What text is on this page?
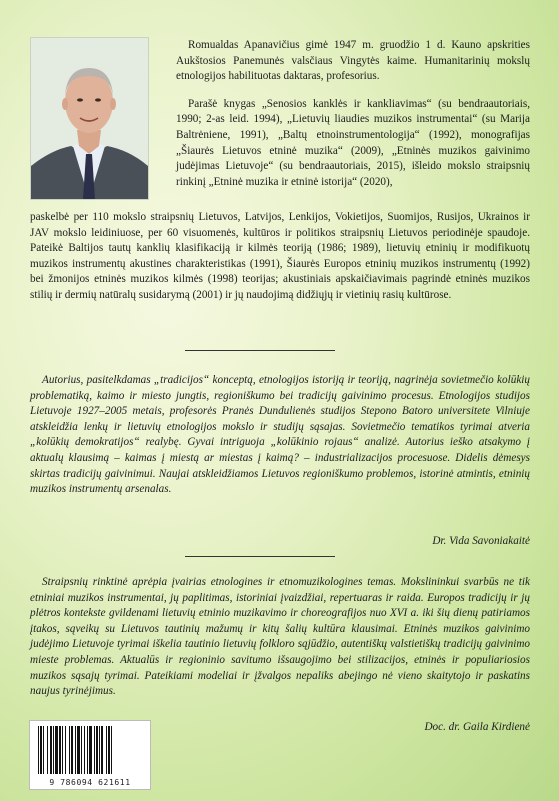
Romualdas Apanavičius gimė 1947 m. gruodžio 1 d. Kauno apskrities Aukštosios Panemunės valsčiaus Vingytės kaime. Humanitarinių mokslų etnologijos habilituotas daktaras, profesorius.

Parašė knygas „Senosios kanklės ir kankliavimas“ (su bendraautoriais, 1990; 2-as leid. 1994), „Lietuvių liaudies muzikos instrumentai“ (su Marija Baltrėniene, 1991), „Baltų etnoinstrumentologija“ (1992), monografijas „Šiaurės Lietuvos etninė muzika“ (2009), „Etninės muzikos gaivinimo judėjimas Lietuvoje“ (su bendraautoriais, 2015), išleido mokslo straipsnių rinkinį „Etninė muzika ir etninė istorija“ (2020),

paskelbė per 110 mokslo straipsnių Lietuvos, Latvijos, Lenkijos, Vokietijos, Suomijos, Rusijos, Ukrainos ir JAV mokslo leidiniuose, per 60 visuomenės, kultūros ir politikos straipsnių Lietuvos periodinėje spaudoje. Pateikė Baltijos tautų kanklių klasifikaciją ir kilmės teoriją (1986; 1989), lietuvių etninių ir modifikuotų muzikos instrumentų akustines charakteristikas (1991), Šiaurės Europos etninių muzikos instrumentų (1992) bei žmonijos etninės muzikos kilmės (1998) teorijas; akustiniais apskaičiavimais pagrindė etninės muzikos stilių ir dermių natūralų susidarymą (2001) ir jų naudojimą didžiųjų ir vietinių rasių kultūrose.

Autorius, pasitelkdamas „tradicijos“ konceptą, etnologijos istoriją ir teoriją, nagrinėja sovietmečio kolūkių problematiką, kaimo ir miesto jungtis, regioniškumo bei tradicijų gaivinimo procesus. Etnologijos studijos Lietuvoje 1927–2005 metais, profesorės Pranės Dundulienės studijos Stepono Batoro universitete Vilniuje atskleidžia lenkų ir lietuvių etnologijos mokslo ir studijų sąsajas. Sovietmečio tematikos tyrimai atveria „kolūkių demokratijos“ realybę. Gyvai intriguoja „kolūkinio rojaus“ analizė. Autorius ieško atsakymo į aktualų klausimą – kaimas į miestą ar miestas į kaimą? – industrializacijos procesuose. Didelis dėmesys skirtas tradicijų gaivinimui. Naujai atskleidžiamos Lietuvos regioniškumo problemos, istorinė atmintis, etninių muzikos instrumentų arsenalas.

Dr. Vida Savoniakaitė

Straipsnių rinktinė aprėpia įvairias etnologines ir etnomuzikologines temas. Mokslininkui svarbūs ne tik etniniai muzikos instrumentai, jų paplitimas, istoriniai įvaizdžiai, repertuaras ir raida. Europos tradicijų ir jų plėtros kontekste gvildenami lietuvių etninio muzikavimo ir choreografijos nuo XVI a. iki šių dienų patiriamos įtakos, sąveikų su Lietuvos tautinių mažumų ir kitų šalių kultūra klausimai. Etninės muzikos gaivinimo judėjimo Lietuvoje tyrimai iškelia tautinio lietuvių folkloro sąjūdžio, autentiškų valstietiškų tradicijų gaivinimo mieste problemas. Aktualūs ir regioninio savitumo išsaugojimo bei stilizacijos, etninės ir populiariosios muzikos sąsajų tyrimai. Pateikiami modeliai ir įžvalgos nepaliks abejingo nė vieno skaitytojo ir paskatins naujus tyrinėjimus.

Doc. dr. Gaila Kirdienė
9 786094 621611
